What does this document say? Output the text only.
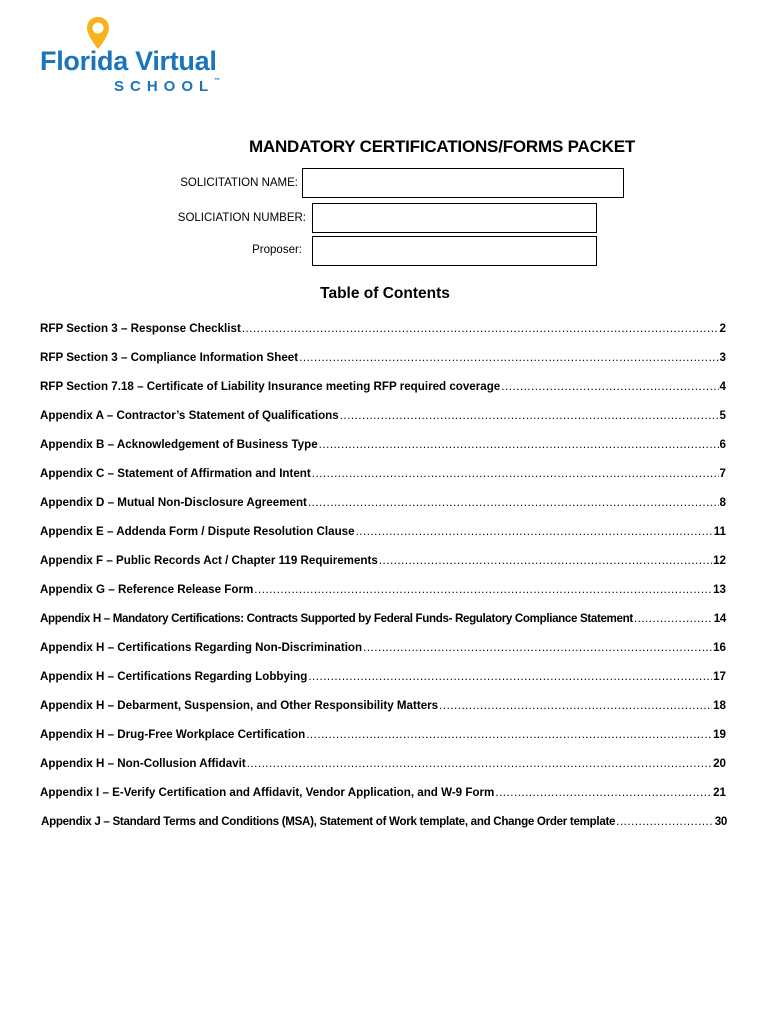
Florida Virtual
SCHOOL™
MANDATORY CERTIFICATIONS/FORMS PACKET
SOLICITATION NAME:
SOLICIATION NUMBER:
Proposer:
Table of Contents
RFP Section 3 – Response Checklist .....	2
RFP Section 3 – Compliance Information Sheet .....	3
RFP Section 7.18 – Certificate of Liability Insurance meeting RFP required coverage .....	4
Appendix A – Contractor’s Statement of Qualifications .....	5
Appendix B – Acknowledgement of Business Type .....	6
Appendix C – Statement of Affirmation and Intent .....	7
Appendix D – Mutual Non-Disclosure Agreement .....	8
Appendix E – Addenda Form / Dispute Resolution Clause .....	11
Appendix F – Public Records Act / Chapter 119 Requirements .....	12
Appendix G – Reference Release Form .....	13
Appendix H – Mandatory Certifications: Contracts Supported by Federal Funds- Regulatory Compliance Statement .....	14
Appendix H – Certifications Regarding Non-Discrimination .....	16
Appendix H – Certifications Regarding Lobbying .....	17
Appendix H – Debarment, Suspension, and Other Responsibility Matters .....	18
Appendix H – Drug-Free Workplace Certification .....	19
Appendix H – Non-Collusion Affidavit .....	20
Appendix I – E-Verify Certification and Affidavit, Vendor Application, and W-9 Form .....	21
Appendix J – Standard Terms and Conditions (MSA), Statement of Work template, and Change Order template .....	30
